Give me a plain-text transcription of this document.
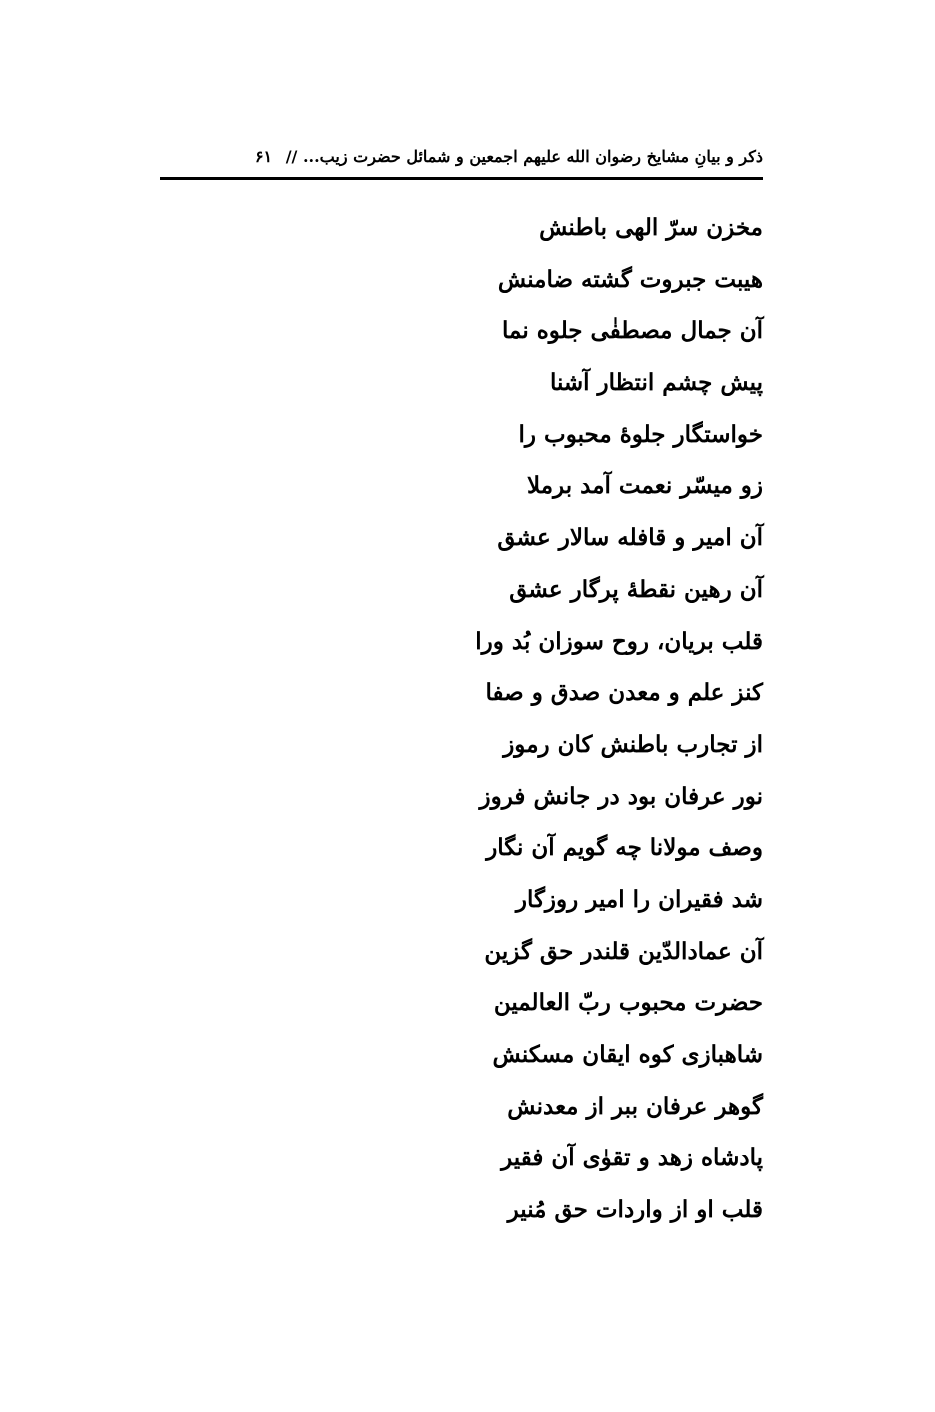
ذکر و بیانِ مشایخ رضوان الله علیهم اجمعین و شمائل حضرت زیب... // ۶۱
مخزن سرّ الهی باطنش
هیبت جبروت گشته ضامنش
آن جمال مصطفٰی جلوه نما
پیش چشم انتظار آشنا
خواستگار جلوۀ محبوب را
زو میسّر نعمت آمد برملا
آن امیر و قافله سالار عشق
آن رهین نقطۀ پرگار عشق
قلب بریان، روح سوزان بُد ورا
کنز علم و معدن صدق و صفا
از تجارب باطنش کان رموز
نور عرفان بود در جانش فروز
وصف مولانا چه گویم آن نگار
شد فقیران را امیر روزگار
آن عمادالدّین قلندر حق گزین
حضرت محبوب ربّ العالمین
شاهبازی کوه ایقان مسکنش
گوهر عرفان ببر از معدنش
پادشاه زهد و تقوٰی آن فقیر
قلب او از واردات حق مُنیر
